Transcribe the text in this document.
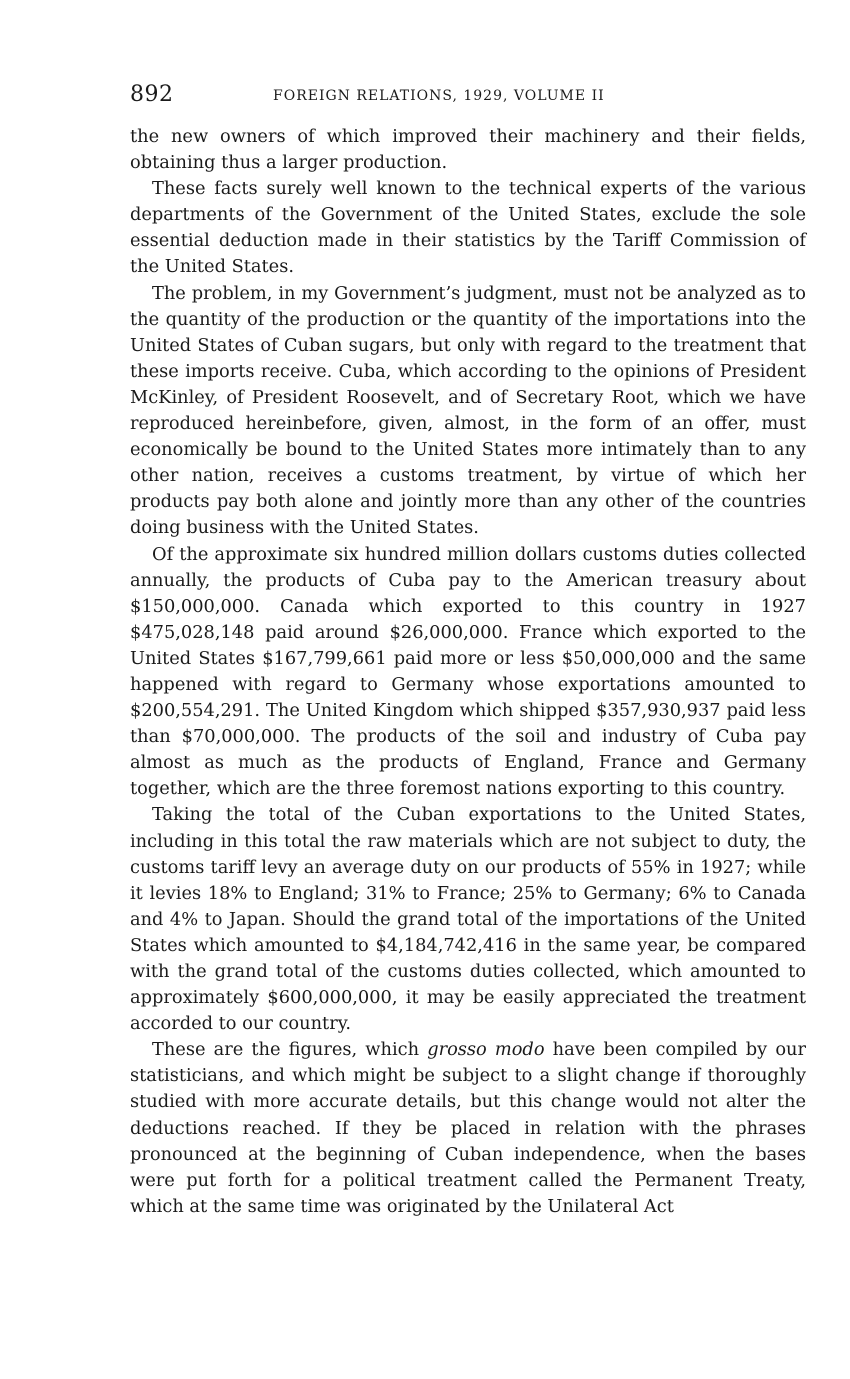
892	FOREIGN RELATIONS, 1929, VOLUME II

the new owners of which improved their machinery and their fields, obtaining thus a larger production.

These facts surely well known to the technical experts of the various departments of the Government of the United States, exclude the sole essential deduction made in their statistics by the Tariff Commission of the United States.

The problem, in my Government’s judgment, must not be analyzed as to the quantity of the production or the quantity of the importations into the United States of Cuban sugars, but only with regard to the treatment that these imports receive. Cuba, which according to the opinions of President McKinley, of President Roosevelt, and of Secretary Root, which we have reproduced hereinbefore, given, almost, in the form of an offer, must economically be bound to the United States more intimately than to any other nation, receives a customs treatment, by virtue of which her products pay both alone and jointly more than any other of the countries doing business with the United States.

Of the approximate six hundred million dollars customs duties collected annually, the products of Cuba pay to the American treasury about $150,000,000. Canada which exported to this country in 1927 $475,028,148 paid around $26,000,000. France which exported to the United States $167,799,661 paid more or less $50,000,000 and the same happened with regard to Germany whose exportations amounted to $200,554,291. The United Kingdom which shipped $357,930,937 paid less than $70,000,000. The products of the soil and industry of Cuba pay almost as much as the products of England, France and Germany together, which are the three foremost nations exporting to this country.

Taking the total of the Cuban exportations to the United States, including in this total the raw materials which are not subject to duty, the customs tariff levy an average duty on our products of 55% in 1927; while it levies 18% to England; 31% to France; 25% to Germany; 6% to Canada and 4% to Japan. Should the grand total of the importations of the United States which amounted to $4,184,742,416 in the same year, be compared with the grand total of the customs duties collected, which amounted to approximately $600,000,000, it may be easily appreciated the treatment accorded to our country.

These are the figures, which grosso modo have been compiled by our statisticians, and which might be subject to a slight change if thoroughly studied with more accurate details, but this change would not alter the deductions reached. If they be placed in relation with the phrases pronounced at the beginning of Cuban independence, when the bases were put forth for a political treatment called the Permanent Treaty, which at the same time was originated by the Unilateral Act
